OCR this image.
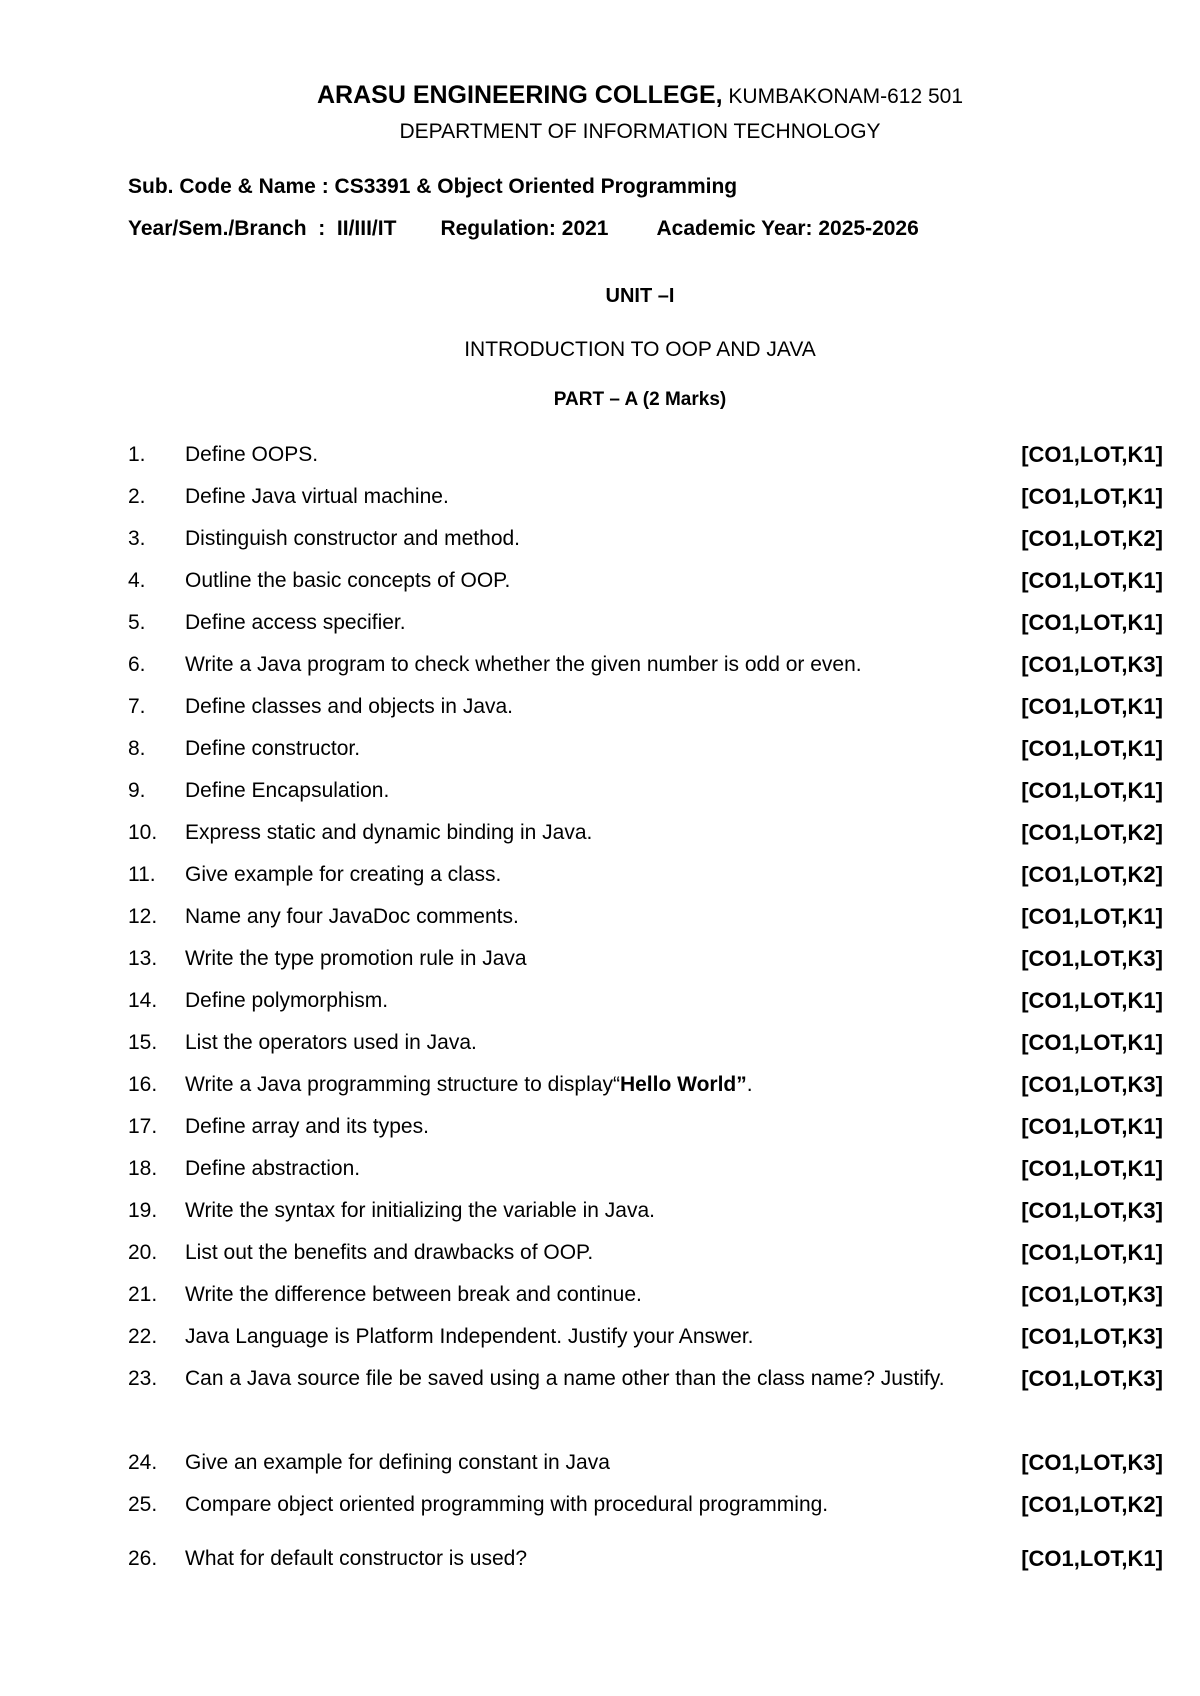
ARASU ENGINEERING COLLEGE, KUMBAKONAM-612 501
DEPARTMENT OF INFORMATION TECHNOLOGY
Sub. Code & Name : CS3391 & Object Oriented Programming
Year/Sem./Branch  :  II/III/IT Regulation: 2021 Academic Year: 2025-2026
UNIT –I
INTRODUCTION TO OOP AND JAVA
PART – A (2 Marks)
1. Define OOPS.	[CO1,LOT,K1]
2. Define Java virtual machine.	[CO1,LOT,K1]
3. Distinguish constructor and method.	[CO1,LOT,K2]
4. Outline the basic concepts of OOP.	[CO1,LOT,K1]
5. Define access specifier.	[CO1,LOT,K1]
6. Write a Java program to check whether the given number is odd or even.	[CO1,LOT,K3]
7. Define classes and objects in Java.	[CO1,LOT,K1]
8. Define constructor.	[CO1,LOT,K1]
9. Define Encapsulation.	[CO1,LOT,K1]
10. Express static and dynamic binding in Java.	[CO1,LOT,K2]
11. Give example for creating a class.	[CO1,LOT,K2]
12. Name any four JavaDoc comments.	[CO1,LOT,K1]
13. Write the type promotion rule in Java	[CO1,LOT,K3]
14. Define polymorphism.	[CO1,LOT,K1]
15. List the operators used in Java.	[CO1,LOT,K1]
16. Write a Java programming structure to display“Hello World”.	[CO1,LOT,K3]
17. Define array and its types.	[CO1,LOT,K1]
18. Define abstraction.	[CO1,LOT,K1]
19. Write the syntax for initializing the variable in Java.	[CO1,LOT,K3]
20. List out the benefits and drawbacks of OOP.	[CO1,LOT,K1]
21. Write the difference between break and continue.	[CO1,LOT,K3]
22. Java Language is Platform Independent. Justify your Answer.	[CO1,LOT,K3]
23. Can a Java source file be saved using a name other than the class name? Justify.	[CO1,LOT,K3]
24. Give an example for defining constant in Java	[CO1,LOT,K3]
25. Compare object oriented programming with procedural programming.	[CO1,LOT,K2]
26. What for default constructor is used?	[CO1,LOT,K1]
